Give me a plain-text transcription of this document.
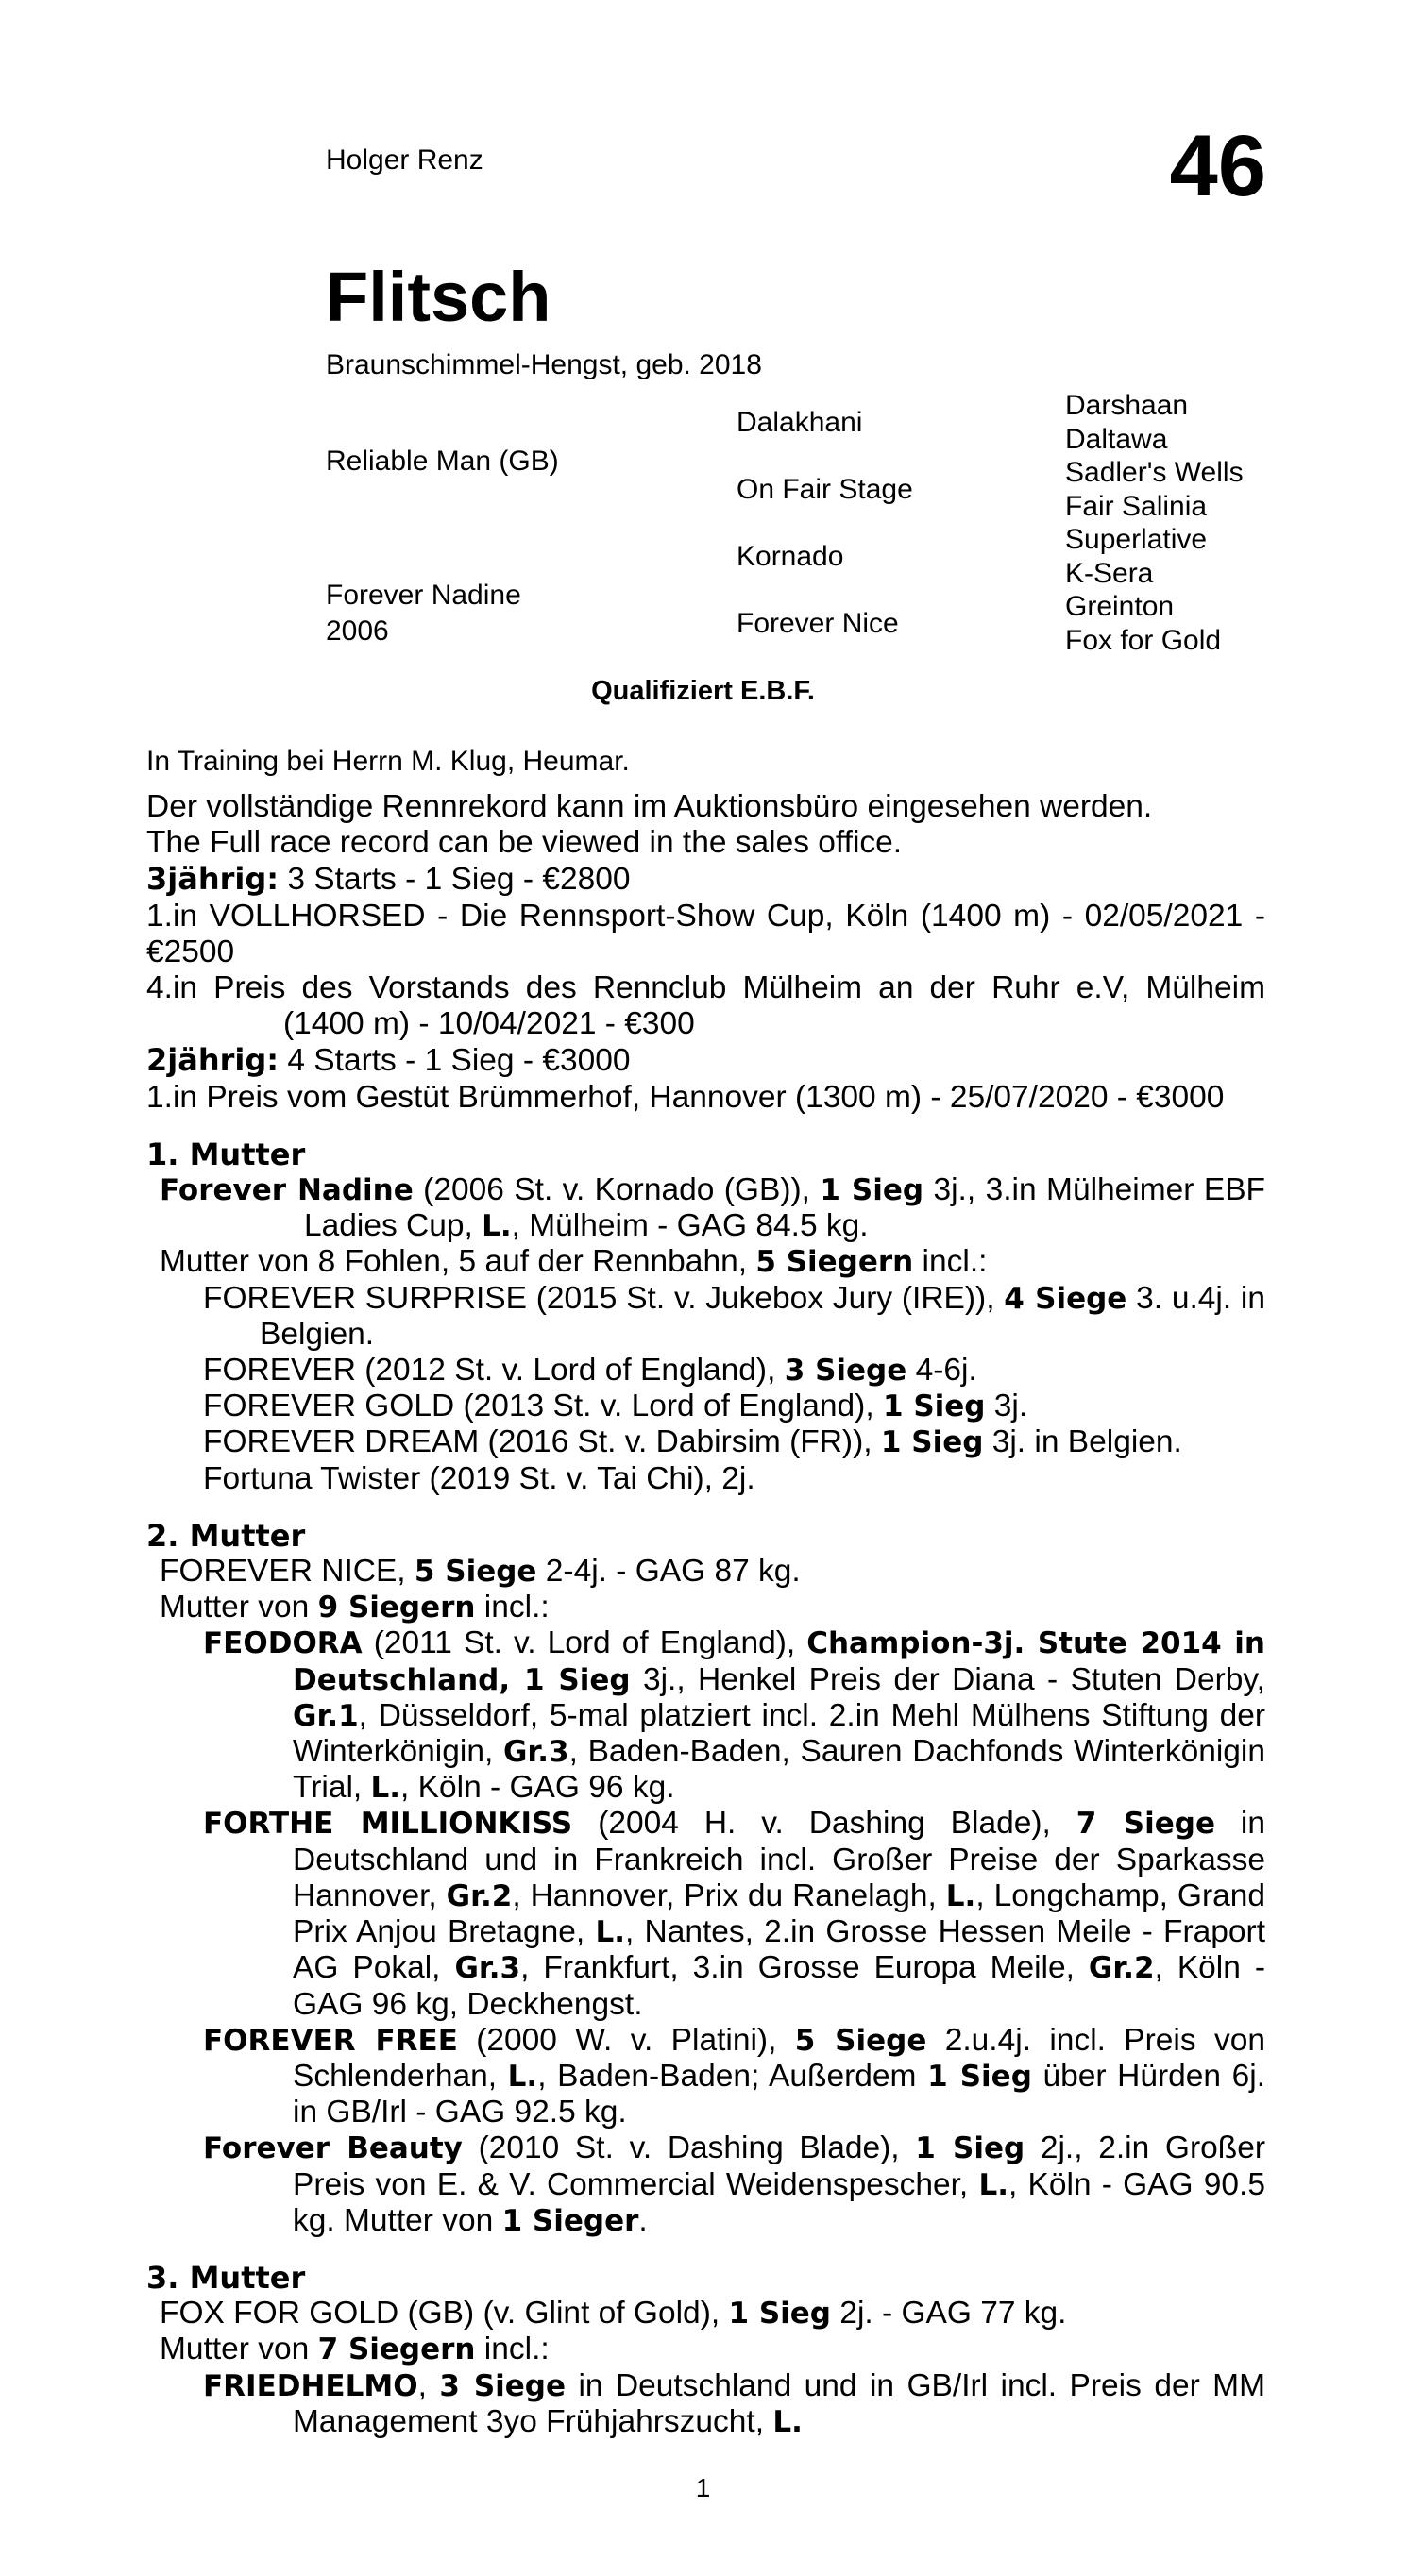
Holger Renz	46
Flitsch
Braunschimmel-Hengst, geb. 2018
Reliable Man (GB)
Forever Nadine
2006
Dalakhani
On Fair Stage
Kornado
Forever Nice
Darshaan
Daltawa
Sadler's Wells
Fair Salinia
Superlative
K-Sera
Greinton
Fox for Gold
Qualifiziert E.B.F.
In Training bei Herrn M. Klug, Heumar.

Der vollständige Rennrekord kann im Auktionsbüro eingesehen werden.

The Full race record can be viewed in the sales office.

3jährig: 3 Starts - 1 Sieg - €2800

1.in VOLLHORSED - Die Rennsport-Show Cup, Köln (1400 m) - 02/05/2021 - €2500

4.in Preis des Vorstands des Rennclub Mülheim an der Ruhr e.V, Mülheim (1400 m) - 10/04/2021 - €300

2jährig: 4 Starts - 1 Sieg - €3000

1.in Preis vom Gestüt Brümmerhof, Hannover (1300 m) - 25/07/2020 - €3000

1. Mutter

Forever Nadine (2006 St. v. Kornado (GB)), 1 Sieg 3j., 3.in Mülheimer EBF Ladies Cup, L., Mülheim - GAG 84.5 kg.

Mutter von 8 Fohlen, 5 auf der Rennbahn, 5 Siegern incl.:

FOREVER SURPRISE (2015 St. v. Jukebox Jury (IRE)), 4 Siege 3. u.4j. in Belgien.

FOREVER (2012 St. v. Lord of England), 3 Siege 4-6j.

FOREVER GOLD (2013 St. v. Lord of England), 1 Sieg 3j.

FOREVER DREAM (2016 St. v. Dabirsim (FR)), 1 Sieg 3j. in Belgien.

Fortuna Twister (2019 St. v. Tai Chi), 2j.

2. Mutter

FOREVER NICE, 5 Siege 2-4j. - GAG 87 kg.

Mutter von 9 Siegern incl.:

FEODORA (2011 St. v. Lord of England), Champion-3j. Stute 2014 in Deutschland, 1 Sieg 3j., Henkel Preis der Diana - Stuten Derby, Gr.1, Düsseldorf, 5-mal platziert incl. 2.in Mehl Mülhens Stiftung der Winterkönigin, Gr.3, Baden-Baden, Sauren Dachfonds Winterkönigin Trial, L., Köln - GAG 96 kg.

FORTHE MILLIONKISS (2004 H. v. Dashing Blade), 7 Siege in Deutschland und in Frankreich incl. Großer Preise der Sparkasse Hannover, Gr.2, Hannover, Prix du Ranelagh, L., Longchamp, Grand Prix Anjou Bretagne, L., Nantes, 2.in Grosse Hessen Meile - Fraport AG Pokal, Gr.3, Frankfurt, 3.in Grosse Europa Meile, Gr.2, Köln - GAG 96 kg, Deckhengst.

FOREVER FREE (2000 W. v. Platini), 5 Siege 2.u.4j. incl. Preis von Schlenderhan, L., Baden-Baden; Außerdem 1 Sieg über Hürden 6j. in GB/Irl - GAG 92.5 kg.

Forever Beauty (2010 St. v. Dashing Blade), 1 Sieg 2j., 2.in Großer Preis von E. & V. Commercial Weidenspescher, L., Köln - GAG 90.5 kg. Mutter von 1 Sieger.

3. Mutter

FOX FOR GOLD (GB) (v. Glint of Gold), 1 Sieg 2j. - GAG 77 kg.

Mutter von 7 Siegern incl.:

FRIEDHELMO, 3 Siege in Deutschland und in GB/Irl incl. Preis der MM Management 3yo Frühjahrszucht, L.

1
